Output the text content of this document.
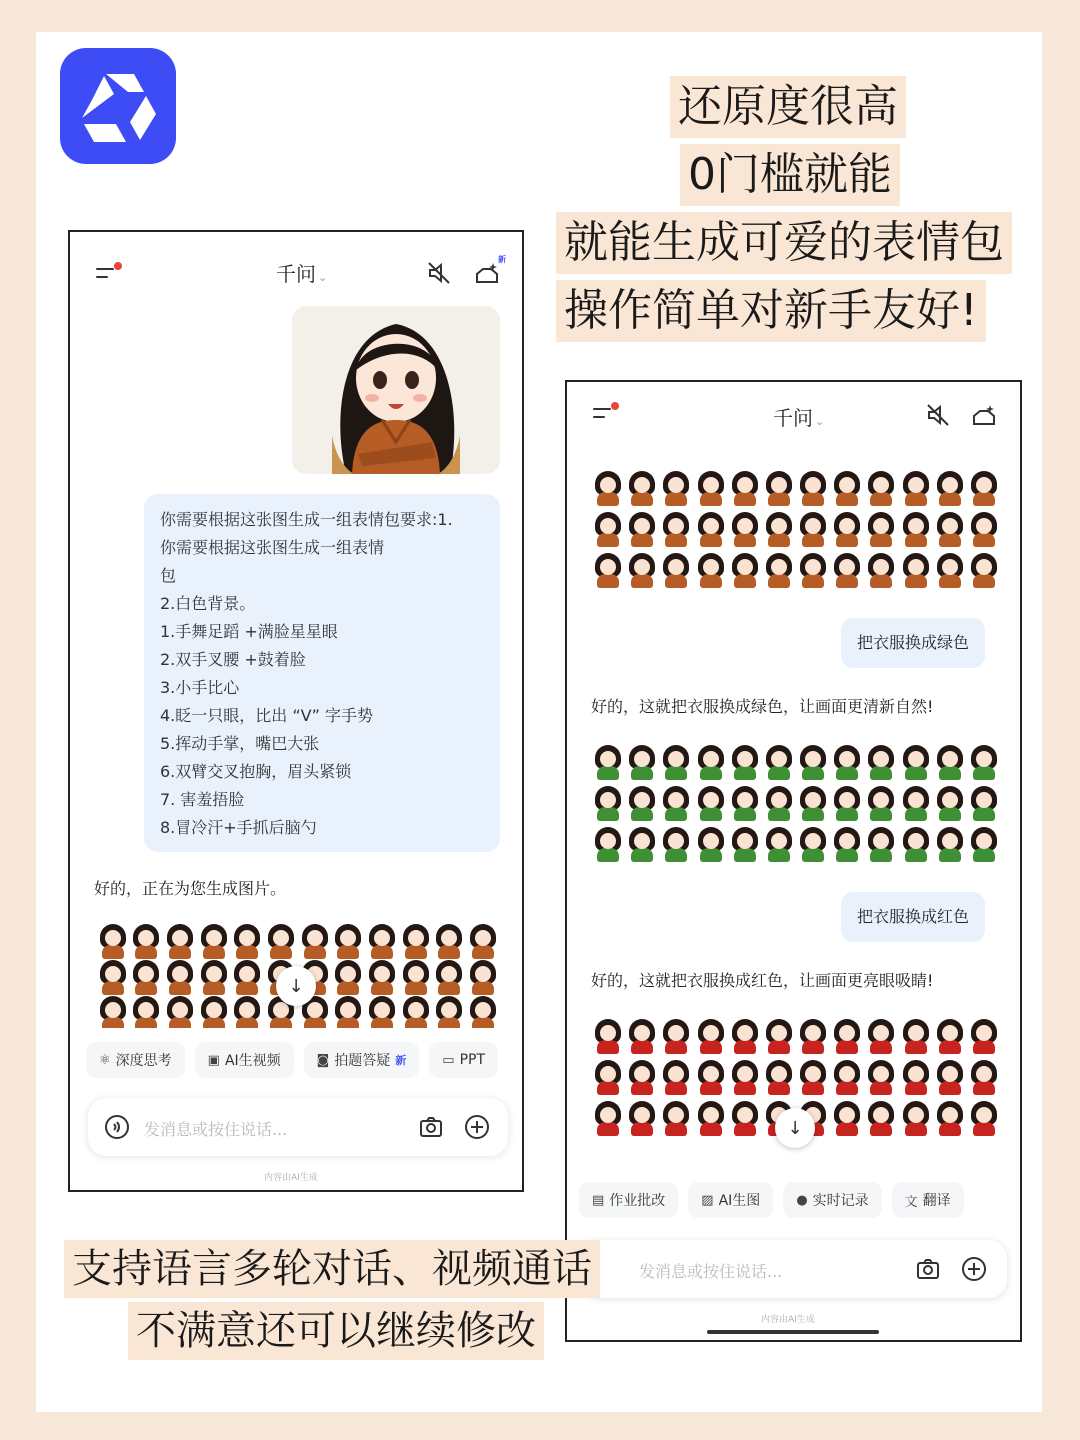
还原度很高
0门槛就能
就能生成可爱的表情包
操作简单对新手友好!
千问 ⌄
新
你需要根据这张图生成一组表情包要求:1.
你需要根据这张图生成一组表情
包
2.白色背景。
1.手舞足蹈 +满脸星星眼
2.双手叉腰 +鼓着脸
3.小手比心
4.眨一只眼，比出 “V” 字手势
5.挥动手掌，嘴巴大张
6.双臂交叉抱胸，眉头紧锁
7. 害羞捂脸
8.冒冷汗+手抓后脑勺
好的，正在为您生成图片。
↓
⚛ 深度思考	▣ AI生视频	◙ 拍题答疑 新	▭ PPT
发消息或按住说话...
内容由AI生成
千问 ⌄
把衣服换成绿色
好的，这就把衣服换成绿色，让画面更清新自然!
把衣服换成红色
好的，这就把衣服换成红色，让画面更亮眼吸睛!
↓
▤ 作业批改	▨ AI生图	● 实时记录	文 翻译
发消息或按住说话...
内容由AI生成
支持语言多轮对话、视频通话
不满意还可以继续修改
